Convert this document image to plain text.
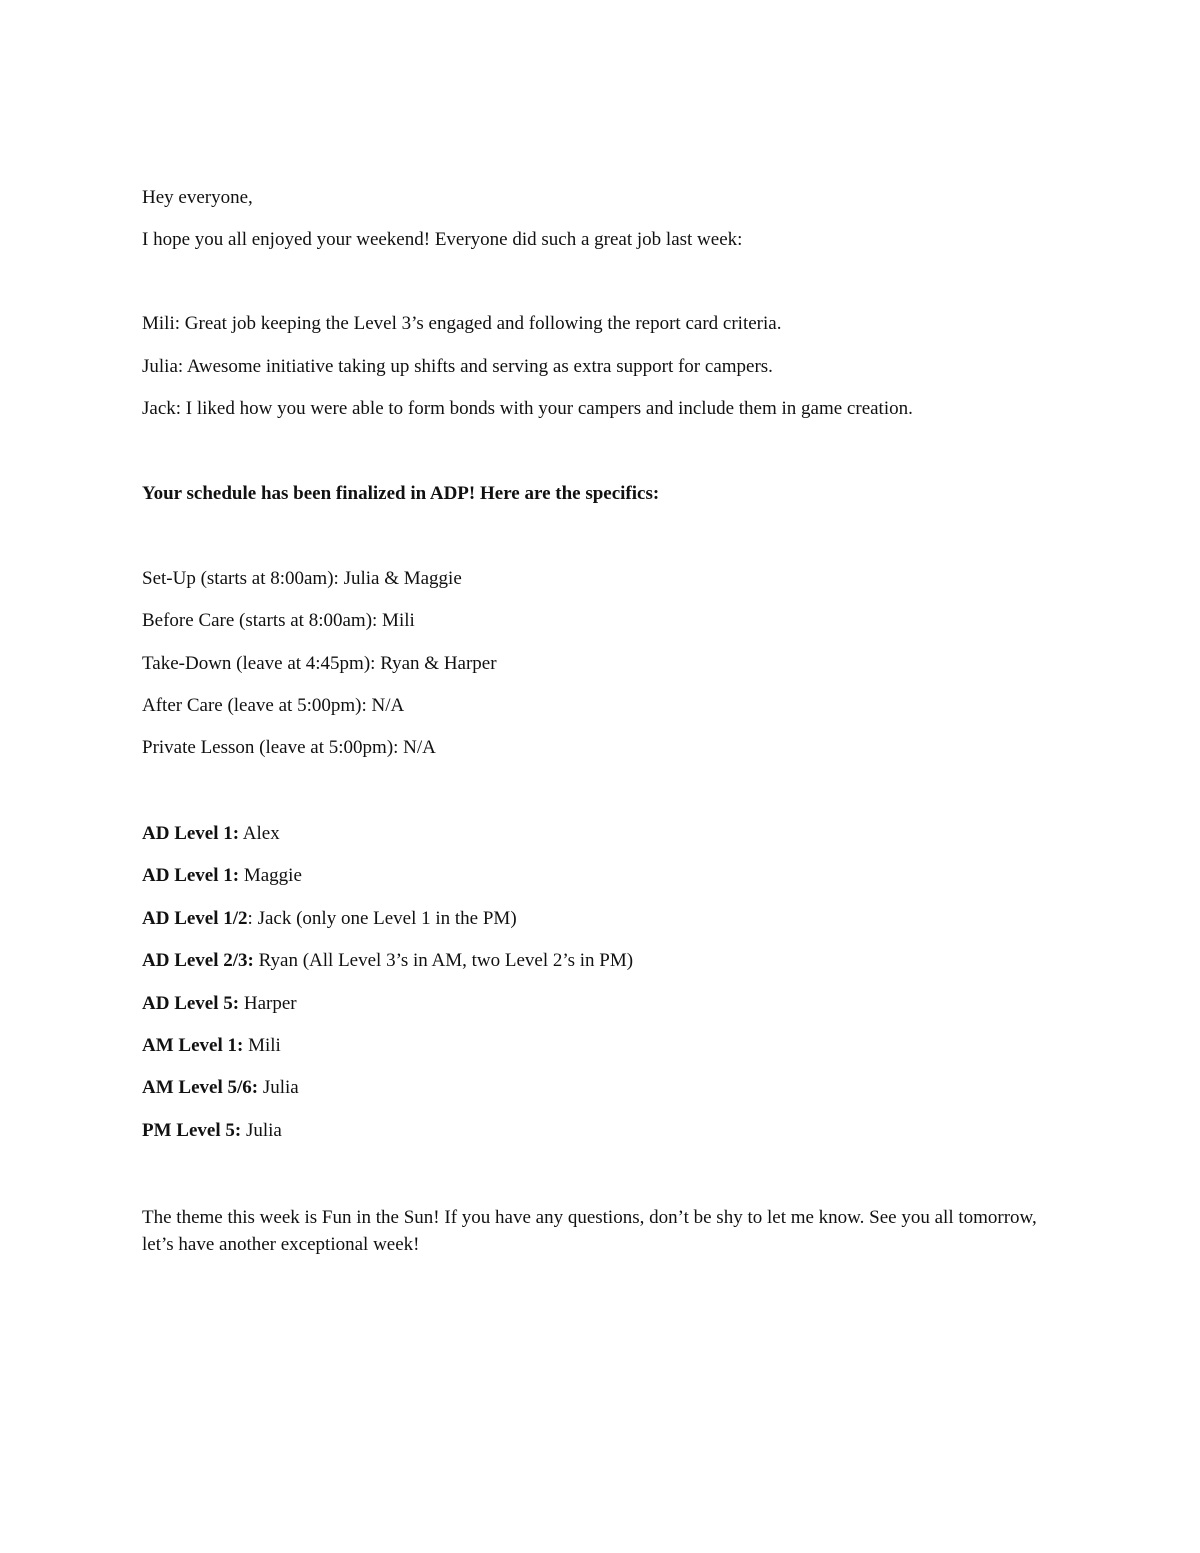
Hey everyone,
I hope you all enjoyed your weekend! Everyone did such a great job last week:
Mili: Great job keeping the Level 3’s engaged and following the report card criteria.
Julia: Awesome initiative taking up shifts and serving as extra support for campers.
Jack: I liked how you were able to form bonds with your campers and include them in game creation.
Your schedule has been finalized in ADP! Here are the specifics:
Set-Up (starts at 8:00am): Julia & Maggie
Before Care (starts at 8:00am): Mili
Take-Down (leave at 4:45pm): Ryan & Harper
After Care (leave at 5:00pm): N/A
Private Lesson (leave at 5:00pm): N/A
AD Level 1: Alex
AD Level 1: Maggie
AD Level 1/2: Jack (only one Level 1 in the PM)
AD Level 2/3: Ryan (All Level 3’s in AM, two Level 2’s in PM)
AD Level 5: Harper
AM Level 1: Mili
AM Level 5/6: Julia
PM Level 5: Julia
The theme this week is Fun in the Sun! If you have any questions, don’t be shy to let me know. See you all tomorrow, let’s have another exceptional week!
